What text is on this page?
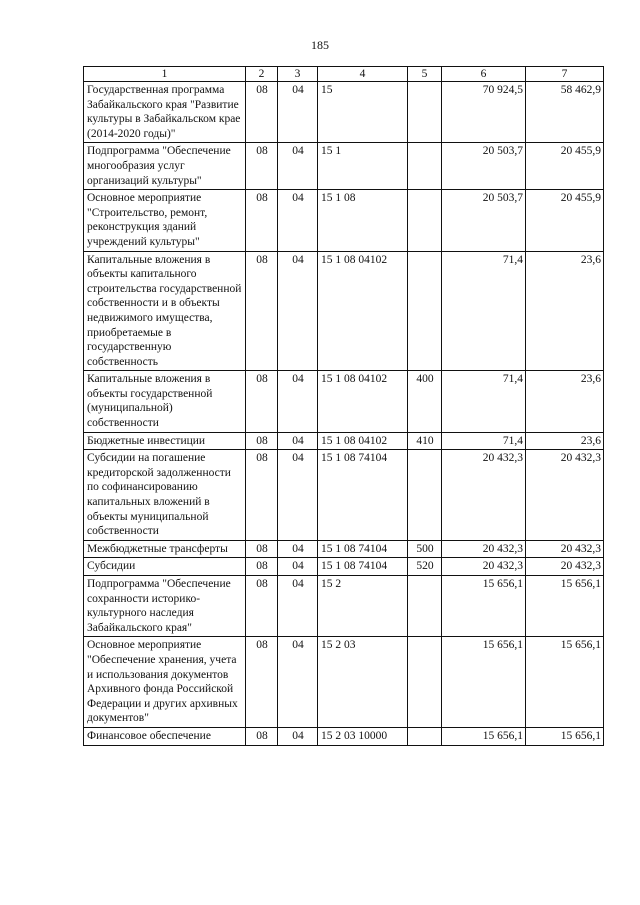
185
1	2	3	4	5	6	7
Государственная программа Забайкальского края "Развитие культуры в Забайкальском крае (2014-2020 годы)"	08	04	15		70 924,5	58 462,9
Подпрограмма "Обеспечение многообразия услуг организаций культуры"	08	04	15 1		20 503,7	20 455,9
Основное мероприятие "Строительство, ремонт, реконструкция зданий учреждений культуры"	08	04	15 1 08		20 503,7	20 455,9
Капитальные вложения в объекты капитального строительства государственной собственности и в объекты недвижимого имущества, приобретаемые в государственную собственность	08	04	15 1 08 04102		71,4	23,6
Капитальные вложения в объекты государственной (муниципальной) собственности	08	04	15 1 08 04102	400	71,4	23,6
Бюджетные инвестиции	08	04	15 1 08 04102	410	71,4	23,6
Субсидии на погашение кредиторской задолженности по софинансированию капитальных вложений в объекты муниципальной собственности	08	04	15 1 08 74104		20 432,3	20 432,3
Межбюджетные трансферты	08	04	15 1 08 74104	500	20 432,3	20 432,3
Субсидии	08	04	15 1 08 74104	520	20 432,3	20 432,3
Подпрограмма "Обеспечение сохранности историко-культурного наследия Забайкальского края"	08	04	15 2		15 656,1	15 656,1
Основное мероприятие "Обеспечение хранения, учета и использования документов Архивного фонда Российской Федерации и других архивных документов"	08	04	15 2 03		15 656,1	15 656,1
Финансовое обеспечение	08	04	15 2 03 10000		15 656,1	15 656,1
